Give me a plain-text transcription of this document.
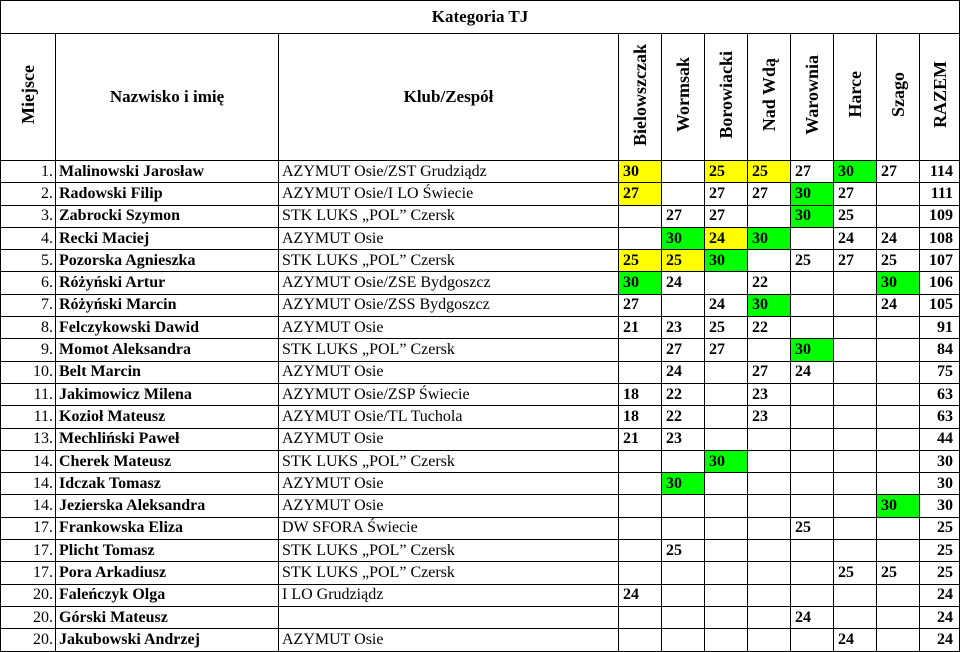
Kategoria TJ										
Miejsce	Nazwisko i imię	Klub/Zespół	Bielowszczak	Wormsak	Borowiacki	Nad Wdą	Warownia	Harce	Szago	RAZEM
1.	Malinowski Jarosław	AZYMUT Osie/ZST Grudziądz	30		25	25	27	30	27	114
2.	Radowski Filip	AZYMUT Osie/I LO Świecie	27		27	27	30	27		111
3.	Zabrocki Szymon	STK LUKS „POL” Czersk		27	27		30	25		109
4.	Recki Maciej	AZYMUT Osie		30	24	30		24	24	108
5.	Pozorska Agnieszka	STK LUKS „POL” Czersk	25	25	30		25	27	25	107
6.	Różyński Artur	AZYMUT Osie/ZSE Bydgoszcz	30	24		22			30	106
7.	Różyński Marcin	AZYMUT Osie/ZSS Bydgoszcz	27		24	30			24	105
8.	Felczykowski Dawid	AZYMUT Osie	21	23	25	22				91
9.	Momot Aleksandra	STK LUKS „POL” Czersk		27	27		30			84
10.	Belt Marcin	AZYMUT Osie		24		27	24			75
11.	Jakimowicz Milena	AZYMUT Osie/ZSP Świecie	18	22		23				63
11.	Kozioł Mateusz	AZYMUT Osie/TL Tuchola	18	22		23				63
13.	Mechliński Paweł	AZYMUT Osie	21	23						44
14.	Cherek Mateusz	STK LUKS „POL” Czersk			30					30
14.	Idczak Tomasz	AZYMUT Osie		30						30
14.	Jezierska Aleksandra	AZYMUT Osie							30	30
17.	Frankowska Eliza	DW SFORA Świecie					25			25
17.	Plicht Tomasz	STK LUKS „POL” Czersk		25						25
17.	Pora Arkadiusz	STK LUKS „POL” Czersk						25	25	25
20.	Faleńczyk Olga	I LO Grudziądz	24							24
20.	Górski Mateusz						24			24
20.	Jakubowski Andrzej	AZYMUT Osie						24		24
